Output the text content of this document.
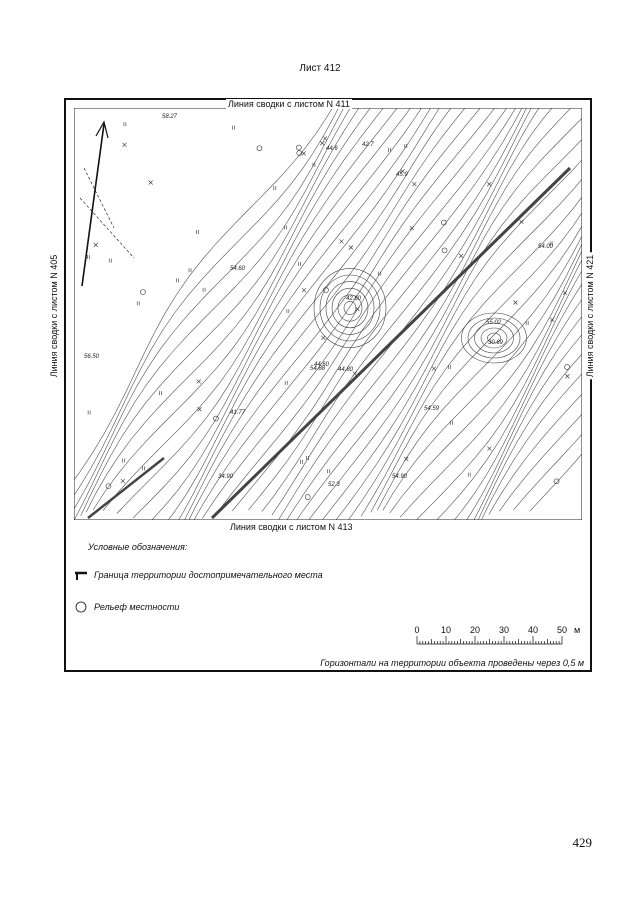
Лист 412
58.27
44.6
42.7
45.9
54.60
42.60
56.50
44.60
54.88 44.80
41.77
34.90
54.00
55.02
30.69
54.59
52.3
54.90
Линия сводки с листом N 411
Линия сводки с листом N 413
Линия сводки с листом N 405	Линия сводки с листом N 421
Условные обозначения:
Граница территории достопримечательного места
Рельеф местности
0 10 20 30 40 50 м
Горизонтали на территории объекта проведены через 0,5 м
429
